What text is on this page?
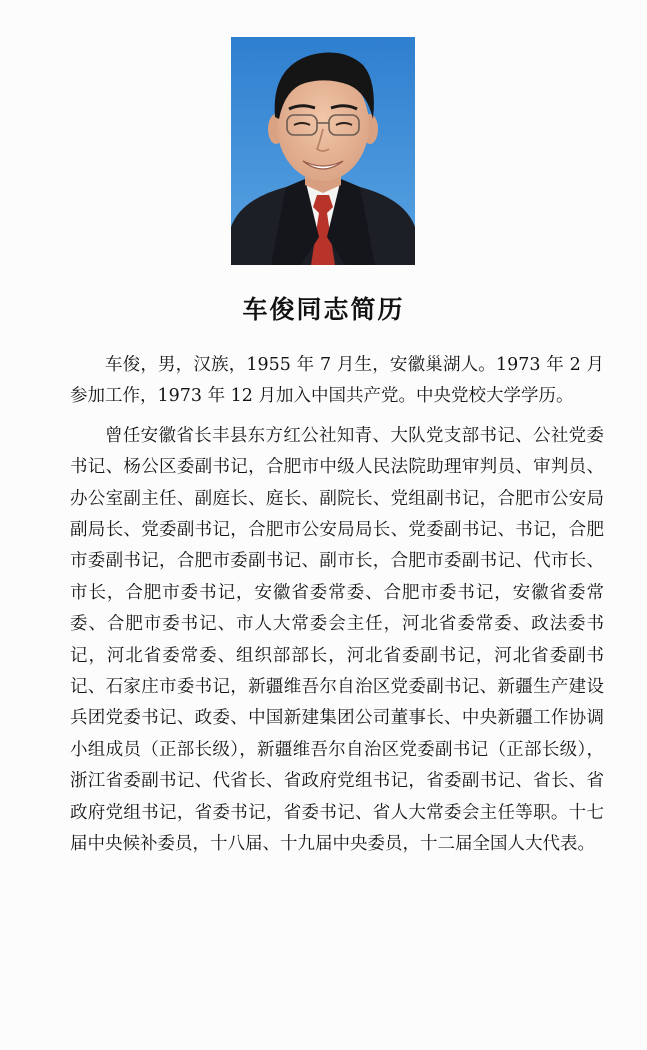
车俊同志简历

车俊，男，汉族，1955 年 7 月生，安徽巢湖人。1973 年 2 月参加工作，1973 年 12 月加入中国共产党。中央党校大学学历。

曾任安徽省长丰县东方红公社知青、大队党支部书记、公社党委书记、杨公区委副书记，合肥市中级人民法院助理审判员、审判员、办公室副主任、副庭长、庭长、副院长、党组副书记，合肥市公安局副局长、党委副书记，合肥市公安局局长、党委副书记、书记，合肥市委副书记，合肥市委副书记、副市长，合肥市委副书记、代市长、市长，合肥市委书记，安徽省委常委、合肥市委书记，安徽省委常委、合肥市委书记、市人大常委会主任，河北省委常委、政法委书记，河北省委常委、组织部部长，河北省委副书记，河北省委副书记、石家庄市委书记，新疆维吾尔自治区党委副书记、新疆生产建设兵团党委书记、政委、中国新建集团公司董事长、中央新疆工作协调小组成员（正部长级），新疆维吾尔自治区党委副书记（正部长级），浙江省委副书记、代省长、省政府党组书记，省委副书记、省长、省政府党组书记，省委书记，省委书记、省人大常委会主任等职。十七届中央候补委员，十八届、十九届中央委员，十二届全国人大代表。
